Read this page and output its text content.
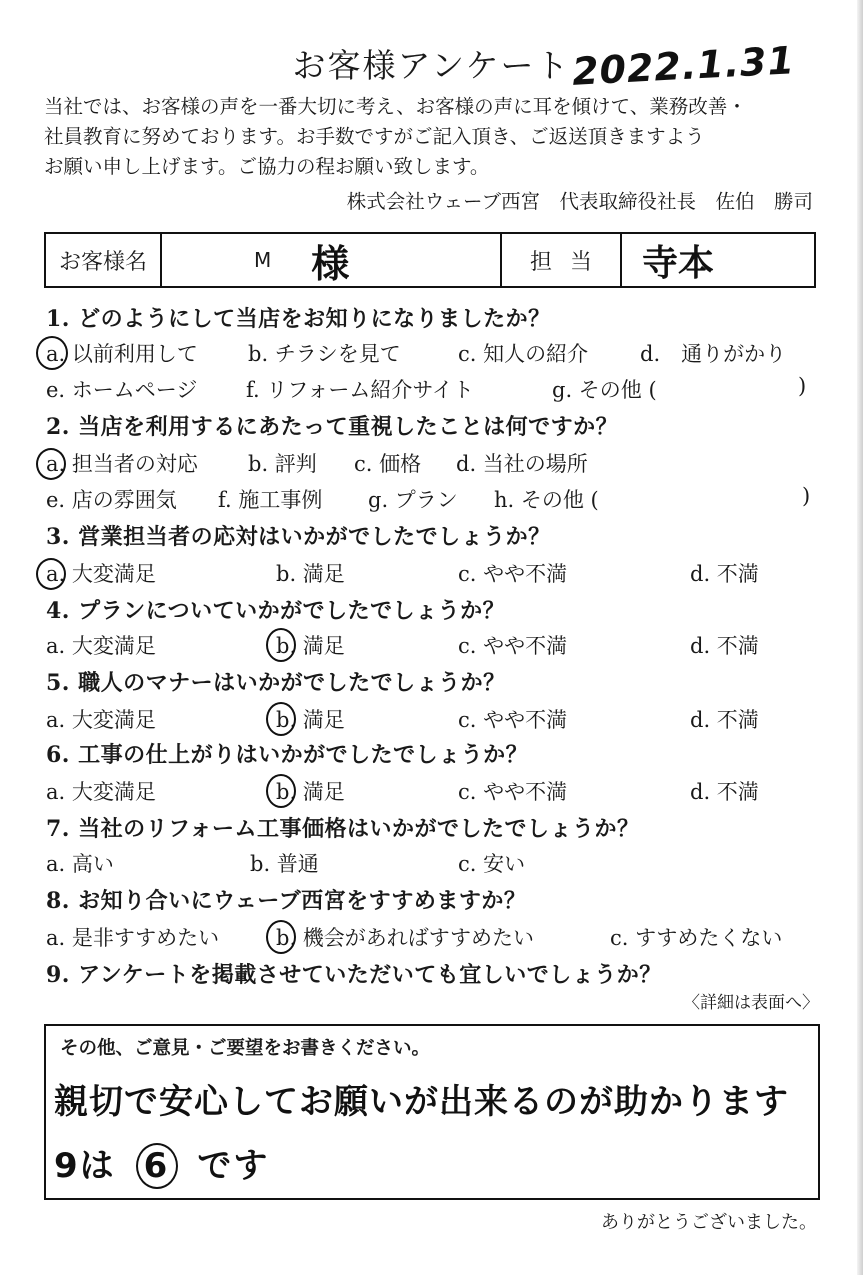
お客様アンケート 2022.1.31
当社では、お客様の声を一番大切に考え、お客様の声に耳を傾けて、業務改善・
社員教育に努めております。お手数ですがご記入頂き、ご返送頂きますよう
お願い申し上げます。ご協力の程お願い致します。
株式会社ウェーブ西宮　代表取締役社長　佐伯　勝司
お客様名	M 様	担当 寺本
1. どのようにして当店をお知りになりましたか？
a. 以前利用して b. チラシを見て	c. 知人の紹介 d.　通りがかり
e. ホームページ f. リフォーム紹介サイト	g. その他 (	)
2. 当店を利用するにあたって重視したことは何ですか？
a. 担当者の対応 b. 評判 c. 価格 d. 当社の場所
e. 店の雰囲気 f. 施工事例 g. プラン h. その他 (	)
3. 営業担当者の応対はいかがでしたでしょうか？
a. 大変満足	b. 満足	c. やや不満	d. 不満
4. プランについていかがでしたでしょうか？
a. 大変満足	b. 満足	c. やや不満	d. 不満
5. 職人のマナーはいかがでしたでしょうか？
a. 大変満足	b. 満足	c. やや不満	d. 不満
6. 工事の仕上がりはいかがでしたでしょうか？
a. 大変満足	b. 満足	c. やや不満	d. 不満
7. 当社のリフォーム工事価格はいかがでしたでしょうか？
a. 高い	b. 普通	c. 安い
8. お知り合いにウェーブ西宮をすすめますか？
a. 是非すすめたい	b. 機会があればすすめたい	c. すすめたくない
9. アンケートを掲載させていただいても宜しいでしょうか？
〈詳細は表面へ〉
その他、ご意見・ご要望をお書きください。
親切で安心してお願いが出来るのが助かります
9は 6 です
ありがとうございました。
